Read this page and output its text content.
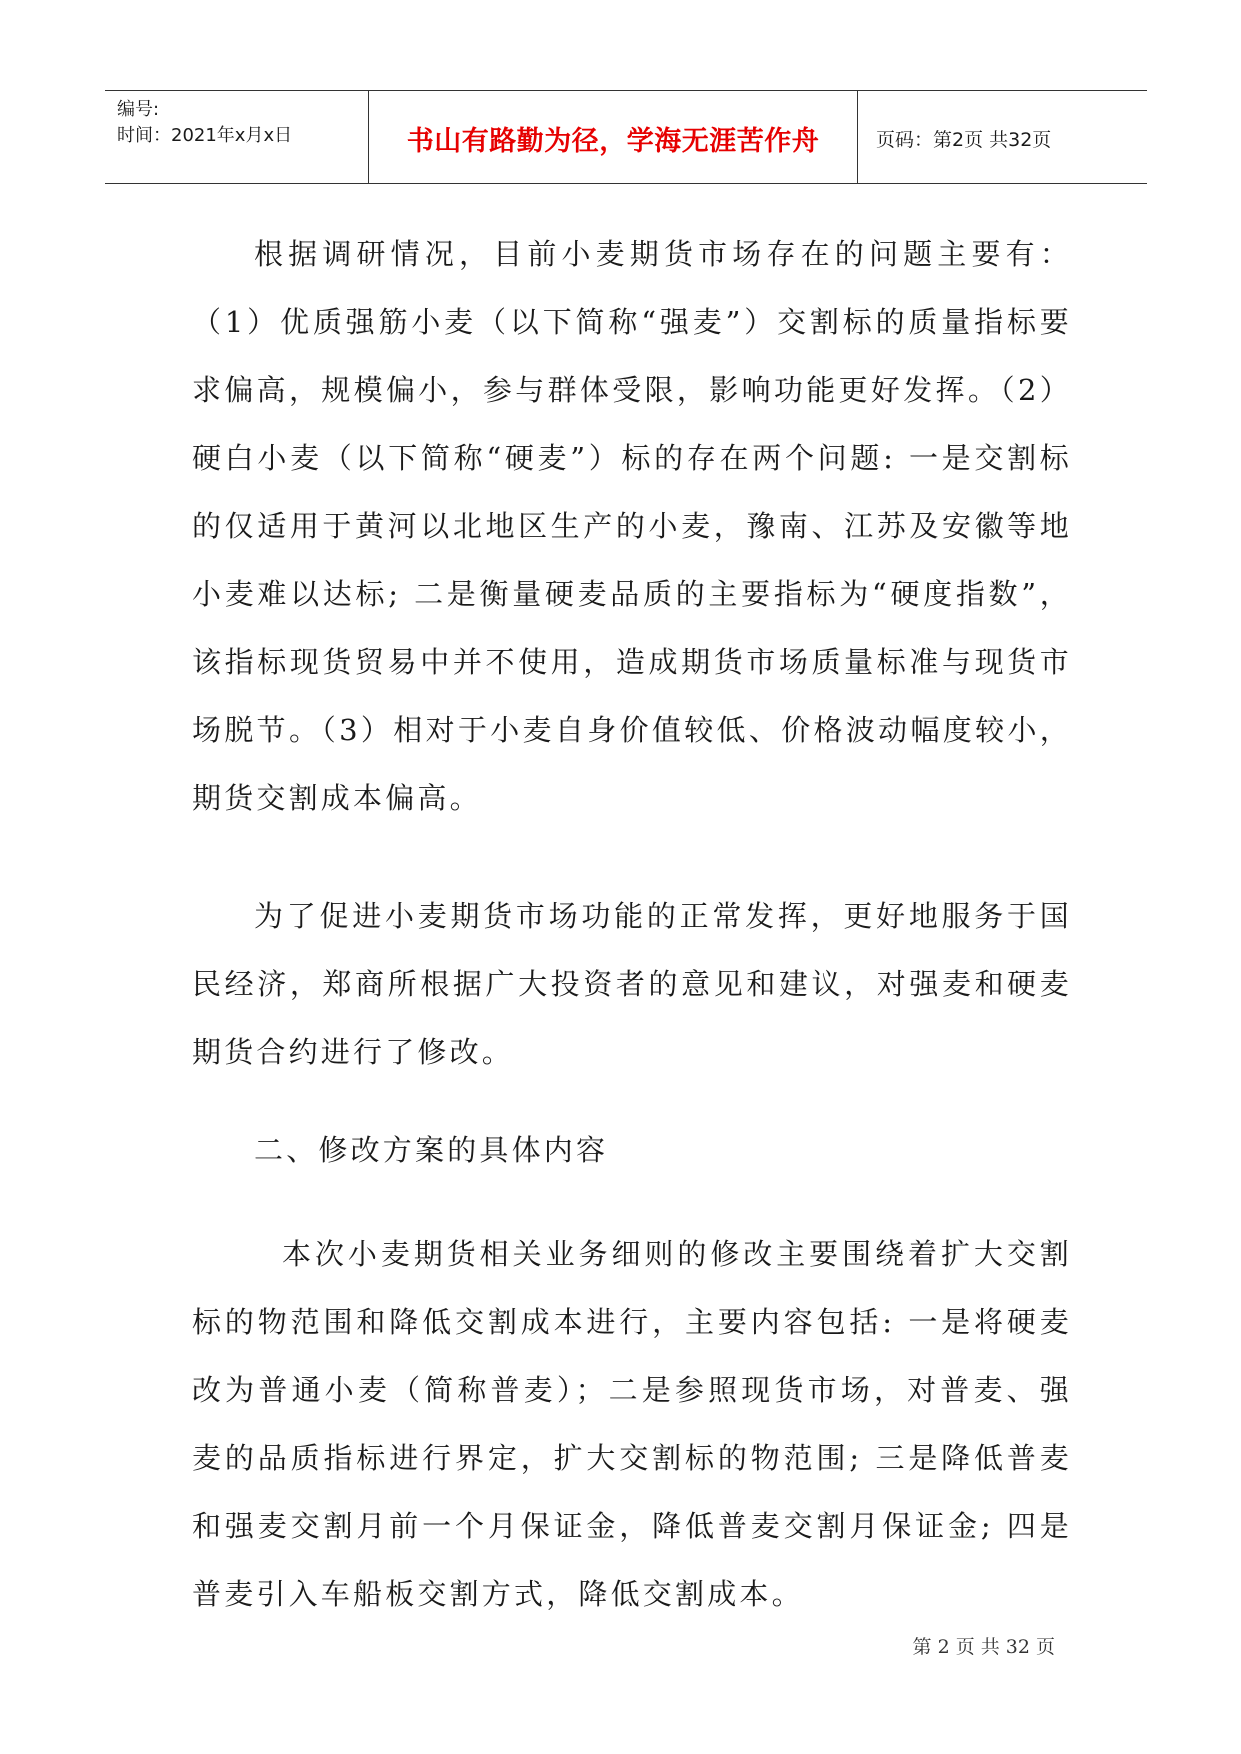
编号:
时间：2021年x月x日	书山有路勤为径，学海无涯苦作舟	页码：第2页 共32页

根据调研情况，目前小麦期货市场存在的问题主要有：（1）优质强筋小麦（以下简称“强麦”）交割标的质量指标要求偏高，规模偏小，参与群体受限，影响功能更好发挥。（2）硬白小麦（以下简称“硬麦”）标的存在两个问题: 一是交割标的仅适用于黄河以北地区生产的小麦，豫南、江苏及安徽等地小麦难以达标; 二是衡量硬麦品质的主要指标为“硬度指数”，该指标现货贸易中并不使用，造成期货市场质量标准与现货市场脱节。（3）相对于小麦自身价值较低、价格波动幅度较小，期货交割成本偏高。

为了促进小麦期货市场功能的正常发挥，更好地服务于国民经济，郑商所根据广大投资者的意见和建议，对强麦和硬麦期货合约进行了修改。

二、修改方案的具体内容

本次小麦期货相关业务细则的修改主要围绕着扩大交割标的物范围和降低交割成本进行，主要内容包括: 一是将硬麦改为普通小麦（简称普麦）；二是参照现货市场，对普麦、强麦的品质指标进行界定，扩大交割标的物范围; 三是降低普麦和强麦交割月前一个月保证金，降低普麦交割月保证金; 四是普麦引入车船板交割方式，降低交割成本。

第 2 页 共 32 页
